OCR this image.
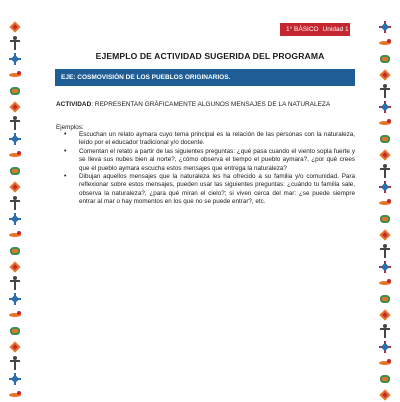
1° BÁSICO Unidad 1
EJEMPLO DE ACTIVIDAD SUGERIDA DEL PROGRAMA
EJE: COSMOVISIÓN DE LOS PUEBLOS ORIGINARIOS.
ACTIVIDAD: REPRESENTAN GRÁFICAMENTE ALGUNOS MENSAJES DE LA NATURALEZA
Ejemplos:
• Escuchan un relato aymara cuyo tema principal es la relación de las personas con la naturaleza, leído por el educador tradicional y/o docente.
• Comentan el relato a partir de las siguientes preguntas: ¿qué pasa cuando el viento sopla fuerte y se lleva sus nubes bien al norte?, ¿cómo observa el tiempo el pueblo aymara?, ¿por qué crees que el pueblo aymara escucha estos mensajes que entrega la naturaleza?
• Dibujan aquellos mensajes que la naturaleza les ha ofrecido a su familia y/o comunidad. Para reflexionar sobre estos mensajes, pueden usar las siguientes preguntas: ¿cuándo tu familia sale, observa la naturaleza?, ¿para qué miran el cielo?; si viven cerca del mar: ¿se puede siempre entrar al mar o hay momentos en los que no se puede entrar?, etc.
